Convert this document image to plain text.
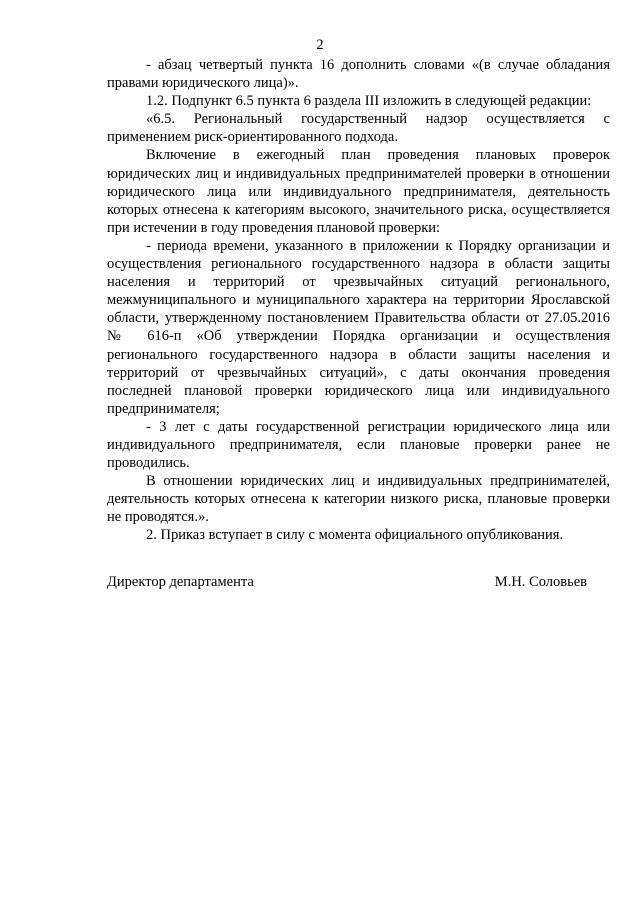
2

- абзац четвертый пункта 16 дополнить словами «(в случае обладания правами юридического лица)».

1.2. Подпункт 6.5 пункта 6 раздела III изложить в следующей редакции:

«6.5. Региональный государственный надзор осуществляется с применением риск-ориентированного подхода.

Включение в ежегодный план проведения плановых проверок юридических лиц и индивидуальных предпринимателей проверки в отношении юридического лица или индивидуального предпринимателя, деятельность которых отнесена к категориям высокого, значительного риска, осуществляется при истечении в году проведения плановой проверки:

- периода времени, указанного в приложении к Порядку организации и осуществления регионального государственного надзора в области защиты населения и территорий от чрезвычайных ситуаций регионального, межмуниципального и муниципального характера на территории Ярославской области, утвержденному постановлением Правительства области от 27.05.2016 № 616-п «Об утверждении Порядка организации и осуществления регионального государственного надзора в области защиты населения и территорий от чрезвычайных ситуаций», с даты окончания проведения последней плановой проверки юридического лица или индивидуального предпринимателя;

- 3 лет с даты государственной регистрации юридического лица или индивидуального предпринимателя, если плановые проверки ранее не проводились.

В отношении юридических лиц и индивидуальных предпринимателей, деятельность которых отнесена к категории низкого риска, плановые проверки не проводятся.».

2. Приказ вступает в силу с момента официального опубликования.

Директор департамента	М.Н. Соловьев
